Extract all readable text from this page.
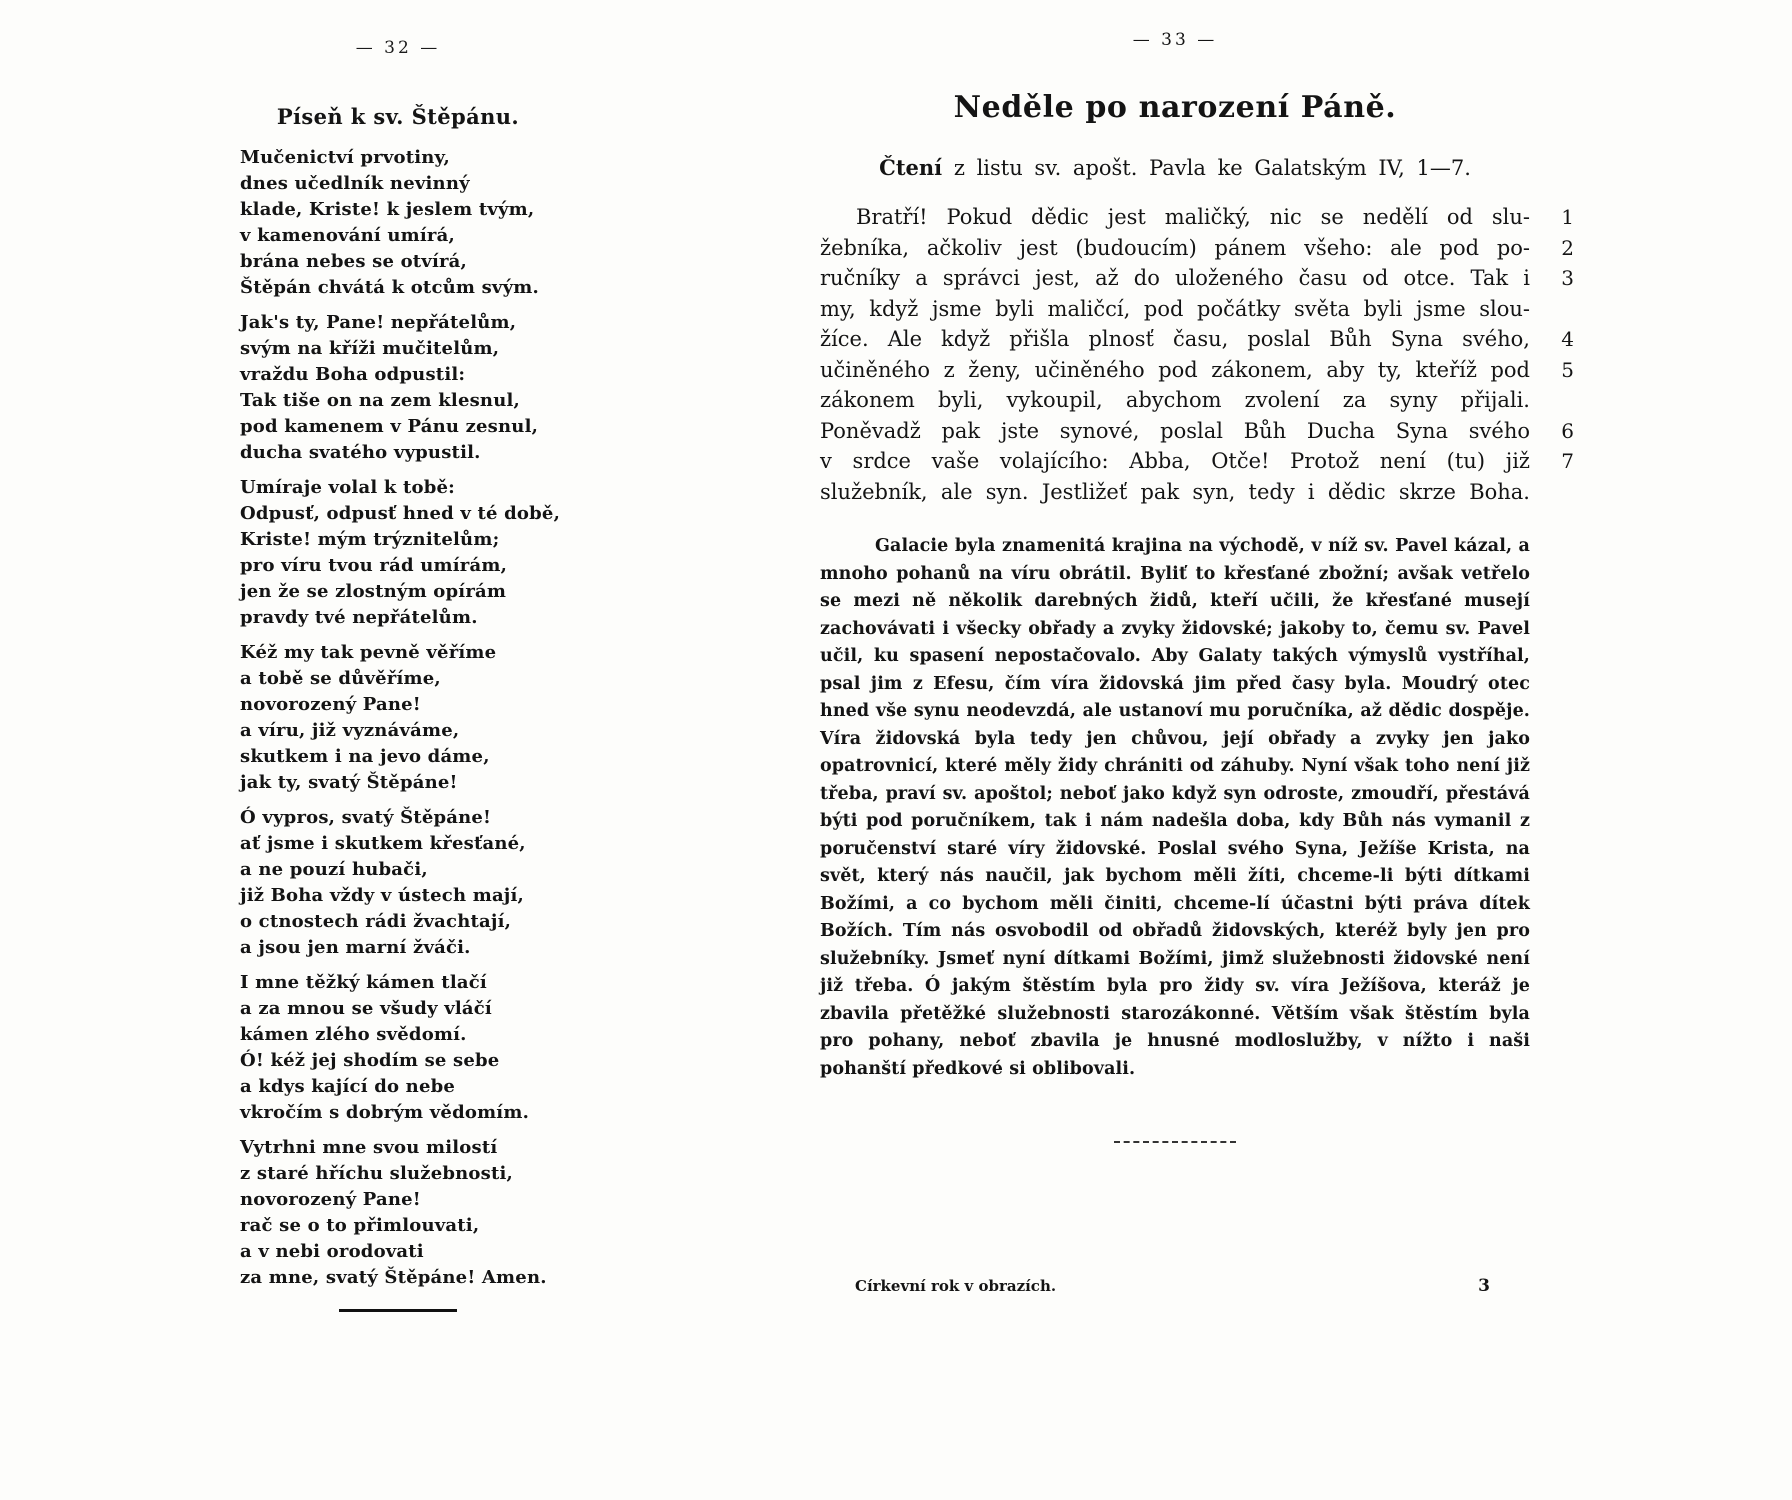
— 32 —
Píseň k sv. Štěpánu.
Mučenictví prvotiny,
dnes učedlník nevinný
klade, Kriste! k jeslem tvým,
v kamenování umírá,
brána nebes se otvírá,
Štěpán chvátá k otcům svým.
Jak's ty, Pane! nepřátelům,
svým na kříži mučitelům,
vraždu Boha odpustil:
Tak tiše on na zem klesnul,
pod kamenem v Pánu zesnul,
ducha svatého vypustil.
Umíraje volal k tobě:
Odpusť, odpusť hned v té době,
Kriste! mým trýznitelům;
pro víru tvou rád umírám,
jen že se zlostným opírám
pravdy tvé nepřátelům.
Kéž my tak pevně věříme
a tobě se důvěříme,
novorozený Pane!
a víru, již vyznáváme,
skutkem i na jevo dáme,
jak ty, svatý Štěpáne!
Ó vypros, svatý Štěpáne!
ať jsme i skutkem křesťané,
a ne pouzí hubači,
již Boha vždy v ústech mají,
o ctnostech rádi žvachtají,
a jsou jen marní žváči.
I mne těžký kámen tlačí
a za mnou se všudy vláčí
kámen zlého svědomí.
Ó! kéž jej shodím se sebe
a kdys kající do nebe
vkročím s dobrým vědomím.
Vytrhni mne svou milostí
z staré hříchu služebnosti,
novorozený Pane!
rač se o to přimlouvati,
a v nebi orodovati
za mne, svatý Štěpáne! Amen.
— 33 —
Neděle po narození Páně.
Čtení z listu sv. apošt. Pavla ke Galatským IV, 1—7.
Bratří! Pokud dědic jest maličký, nic se nedělí od slu-	1
žebníka, ačkoliv jest (budoucím) pánem všeho: ale pod po-	2
ručníky a správci jest, až do uloženého času od otce. Tak i	3
my, když jsme byli maličcí, pod počátky světa byli jsme slou-
žíce. Ale když přišla plnosť času, poslal Bůh Syna svého,	4
učiněného z ženy, učiněného pod zákonem, aby ty, kteříž pod	5
zákonem byli, vykoupil, abychom zvolení za syny přijali.
Poněvadž pak jste synové, poslal Bůh Ducha Syna svého	6
v srdce vaše volajícího: Abba, Otče! Protož není (tu) již	7
služebník, ale syn. Jestližeť pak syn, tedy i dědic skrze Boha.
Galacie byla znamenitá krajina na východě, v níž sv. Pavel kázal, a mnoho pohanů na víru obrátil. Byliť to křesťané zbožní; avšak vetřelo se mezi ně několik darebných židů, kteří učili, že křesťané musejí zachovávati i všecky obřady a zvyky židovské; jakoby to, čemu sv. Pavel učil, ku spasení nepostačovalo. Aby Galaty takých výmyslů vystříhal, psal jim z Efesu, čím víra židovská jim před časy byla. Moudrý otec hned vše synu neodevzdá, ale ustanoví mu poručníka, až dědic dospěje. Víra židovská byla tedy jen chůvou, její obřady a zvyky jen jako opatrovnicí, které měly židy chrániti od záhuby. Nyní však toho není již třeba, praví sv. apoštol; neboť jako když syn odroste, zmoudří, přestává býti pod poručníkem, tak i nám nadešla doba, kdy Bůh nás vymanil z poručenství staré víry židovské. Poslal svého Syna, Ježíše Krista, na svět, který nás naučil, jak bychom měli žíti, chceme-li býti dítkami Božími, a co bychom měli činiti, chceme-lí účastni býti práva dítek Božích. Tím nás osvobodil od obřadů židovských, kteréž byly jen pro služebníky. Jsmeť nyní dítkami Božími, jimž služebnosti židovské není již třeba. Ó jakým štěstím byla pro židy sv. víra Ježíšova, kteráž je zbavila přetěžké služebnosti starozákonné. Větším však štěstím byla pro pohany, neboť zbavila je hnusné modloslužby, v nížto i naši pohanští předkové si oblibovali.
Církevní rok v obrazích.	3
